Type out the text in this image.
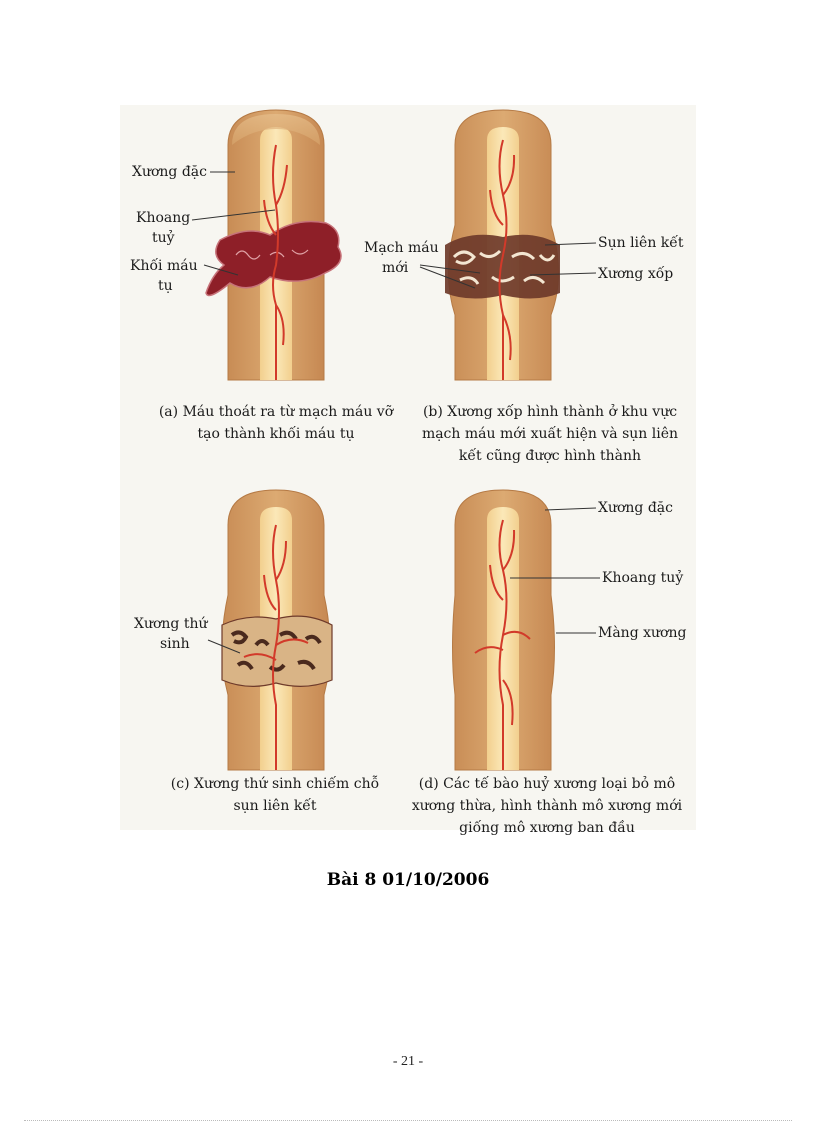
Xương đặc
Khoang
tuỷ
Khối máu
tụ
Mạch máu
mới
Sụn liên kết
Xương xốp
Xương thứ
sinh
Xương đặc
Khoang tuỷ
Màng xương
(a) Máu thoát ra từ mạch máu vỡ
tạo thành khối máu tụ
(b) Xương xốp hình thành ở khu vực
mạch máu mới xuất hiện và sụn liên
kết cũng được hình thành
(c) Xương thứ sinh chiếm chỗ
sụn liên kết
(d) Các tế bào huỷ xương loại bỏ mô
xương thừa, hình thành mô xương mới
giống mô xương ban đầu
Bài 8 01/10/2006
- 21 -
